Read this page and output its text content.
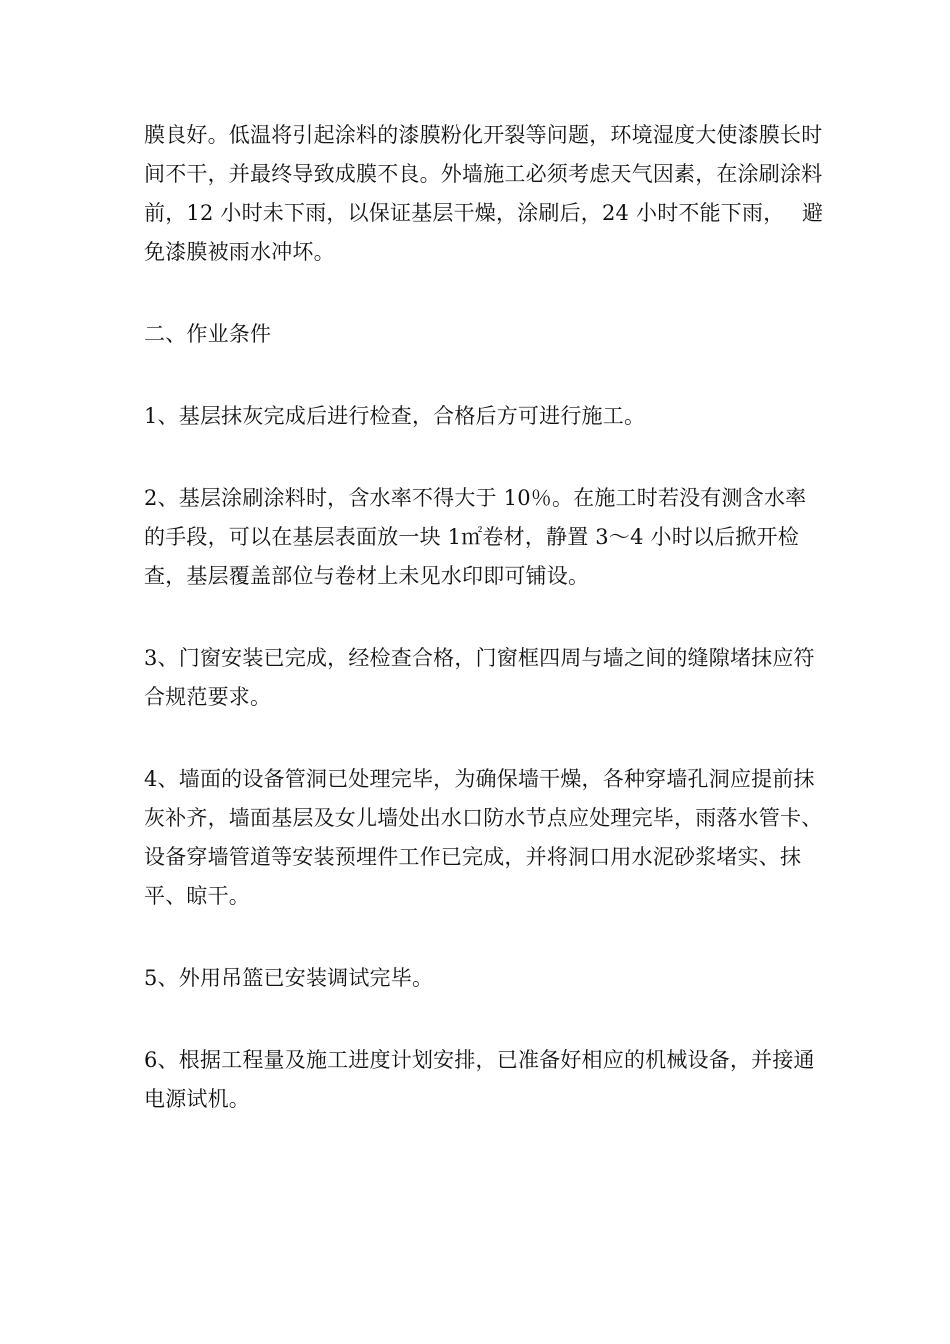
膜良好。低温将引起涂料的漆膜粉化开裂等问题，环境湿度大使漆膜长时间不干，并最终导致成膜不良。外墙施工必须考虑天气因素，在涂刷涂料前，12 小时未下雨，以保证基层干燥，涂刷后，24 小时不能下雨，　 避免漆膜被雨水冲坏。

二、作业条件

1、基层抹灰完成后进行检查，合格后方可进行施工。

2、基层涂刷涂料时，含水率不得大于 10％。在施工时若没有测含水率的手段，可以在基层表面放一块 1㎡卷材，静置 3～4 小时以后掀开检查，基层覆盖部位与卷材上未见水印即可铺设。

3、门窗安装已完成，经检查合格，门窗框四周与墙之间的缝隙堵抹应符合规范要求。

4、墙面的设备管洞已处理完毕，为确保墙干燥，各种穿墙孔洞应提前抹灰补齐，墙面基层及女儿墙处出水口防水节点应处理完毕，雨落水管卡、设备穿墙管道等安装预埋件工作已完成，并将洞口用水泥砂浆堵实、抹平、晾干。

5、外用吊篮已安装调试完毕。

6、根据工程量及施工进度计划安排，已准备好相应的机械设备，并接通电源试机。
